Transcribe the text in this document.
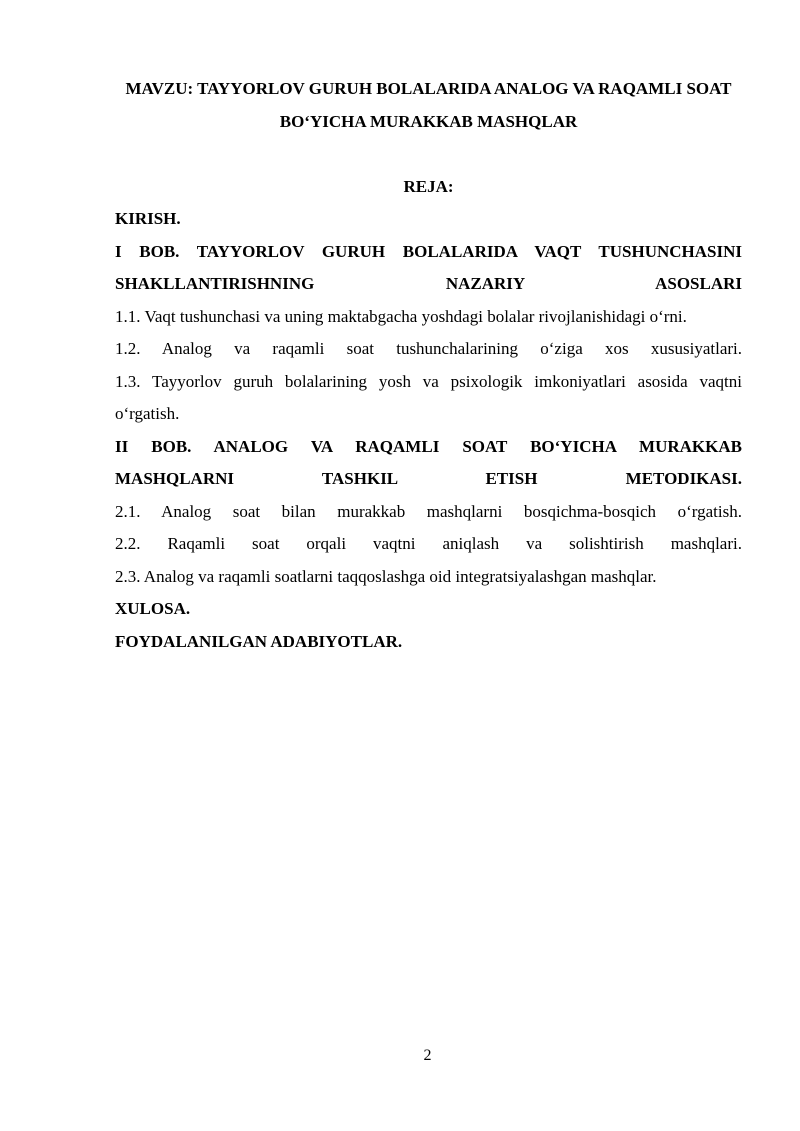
MAVZU: TAYYORLOV GURUH BOLALARIDA ANALOG VA RAQAMLI SOAT BOʻYICHA MURAKKAB MASHQLAR

REJA:

KIRISH.

I BOB. TAYYORLOV GURUH BOLALARIDA VAQT TUSHUNCHASINI

SHAKLLANTIRISHNING NAZARIY ASOSLARI

1.1. Vaqt tushunchasi va uning maktabgacha yoshdagi bolalar rivojlanishidagi oʻrni.

1.2. Analog va raqamli soat tushunchalarining oʻziga xos xususiyatlari.

1.3. Tayyorlov guruh bolalarining yosh va psixologik imkoniyatlari asosida vaqtni oʻrgatish.

II BOB. ANALOG VA RAQAMLI SOAT BOʻYICHA MURAKKAB

MASHQLARNI TASHKIL ETISH METODIKASI.

2.1. Analog soat bilan murakkab mashqlarni bosqichma-bosqich oʻrgatish.

2.2. Raqamli soat orqali vaqtni aniqlash va solishtirish mashqlari.

2.3. Analog va raqamli soatlarni taqqoslashga oid integratsiyalashgan mashqlar.

XULOSA.

FOYDALANILGAN ADABIYOTLAR.

2
